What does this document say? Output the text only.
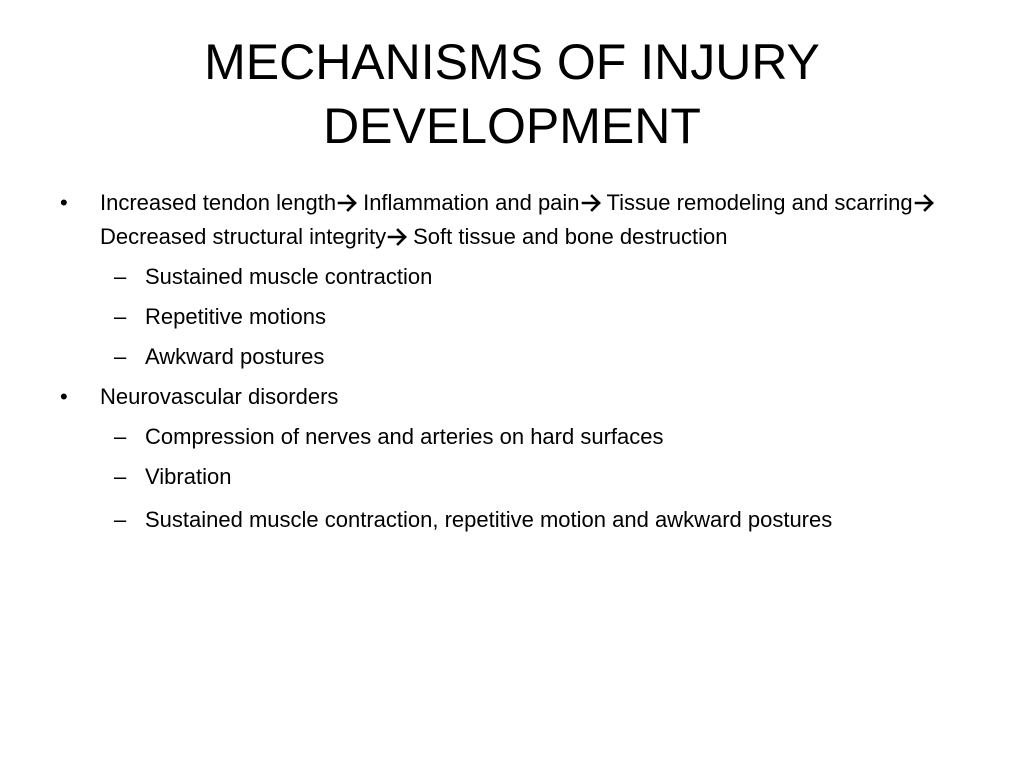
MECHANISMS OF INJURY
DEVELOPMENT
• Increased tendon length Inflammation and pain Tissue remodeling and scarringDecreased structural integrity Soft tissue and bone destruction
– Sustained muscle contraction
– Repetitive motions
– Awkward postures
• Neurovascular disorders
– Compression of nerves and arteries on hard surfaces
– Vibration
– Sustained muscle contraction, repetitive motion and awkward postures
